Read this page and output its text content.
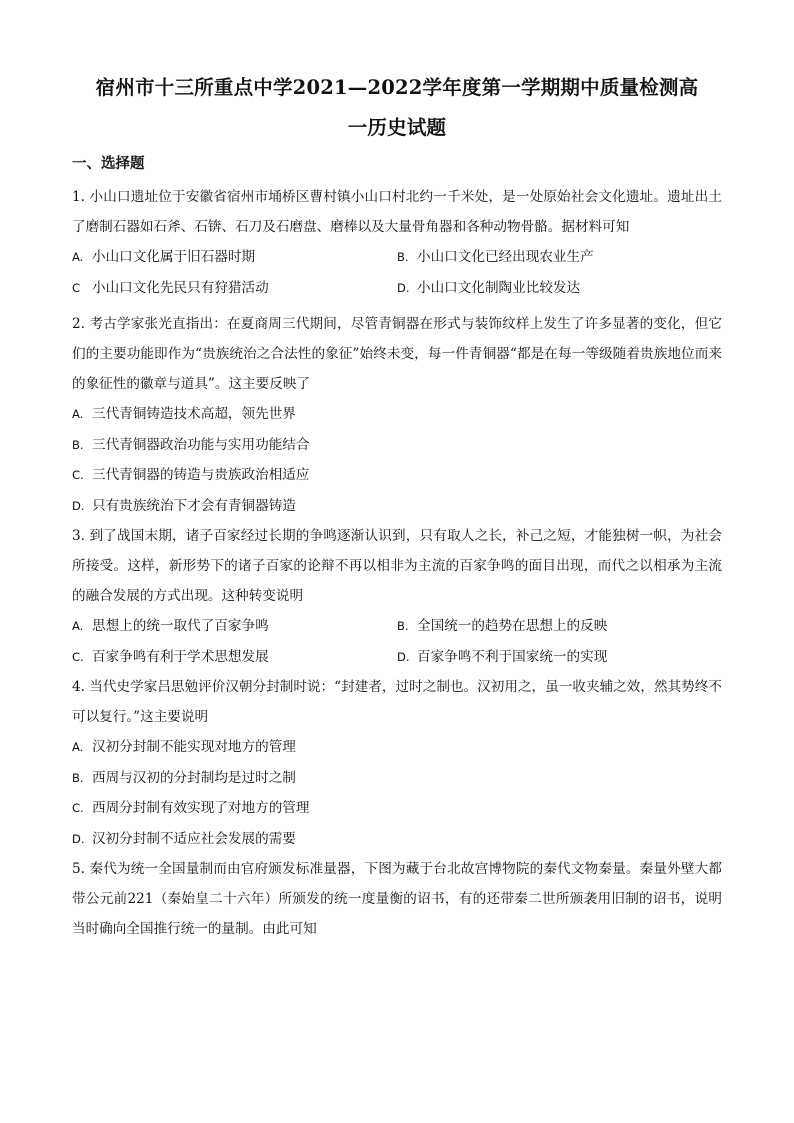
宿州市十三所重点中学2021—2022学年度第一学期期中质量检测高
一历史试题
一、选择题

1. 小山口遗址位于安徽省宿州市埇桥区曹村镇小山口村北约一千米处，是一处原始社会文化遗址。遗址出土了磨制石器如石斧、石锛、石刀及石磨盘、磨棒以及大量骨角器和各种动物骨骼。据材料可知

A. 小山口文化属于旧石器时期	B. 小山口文化已经出现农业生产
C 小山口文化先民只有狩猎活动	D. 小山口文化制陶业比较发达

2. 考古学家张光直指出：在夏商周三代期间，尽管青铜器在形式与装饰纹样上发生了许多显著的变化，但它们的主要功能即作为“贵族统治之合法性的象征”始终未变，每一件青铜器“都是在每一等级随着贵族地位而来的象征性的徽章与道具”。这主要反映了

A. 三代青铜铸造技术高超，领先世界
B. 三代青铜器政治功能与实用功能结合
C. 三代青铜器的铸造与贵族政治相适应
D. 只有贵族统治下才会有青铜器铸造

3. 到了战国末期，诸子百家经过长期的争鸣逐渐认识到，只有取人之长，补己之短，才能独树一帜，为社会所接受。这样，新形势下的诸子百家的论辩不再以相非为主流的百家争鸣的面目出现，而代之以相承为主流的融合发展的方式出现。这种转变说明

A. 思想上的统一取代了百家争鸣	B. 全国统一的趋势在思想上的反映
C. 百家争鸣有利于学术思想发展	D. 百家争鸣不利于国家统一的实现

4. 当代史学家吕思勉评价汉朝分封制时说：“封建者，过时之制也。汉初用之，虽一收夹辅之效，然其势终不可以复行。”这主要说明

A. 汉初分封制不能实现对地方的管理
B. 西周与汉初的分封制均是过时之制
C. 西周分封制有效实现了对地方的管理
D. 汉初分封制不适应社会发展的需要

5. 秦代为统一全国量制而由官府颁发标准量器，下图为藏于台北故宫博物院的秦代文物秦量。秦量外壁大都带公元前221（秦始皇二十六年）所颁发的统一度量衡的诏书，有的还带秦二世所颁袭用旧制的诏书，说明当时确向全国推行统一的量制。由此可知
